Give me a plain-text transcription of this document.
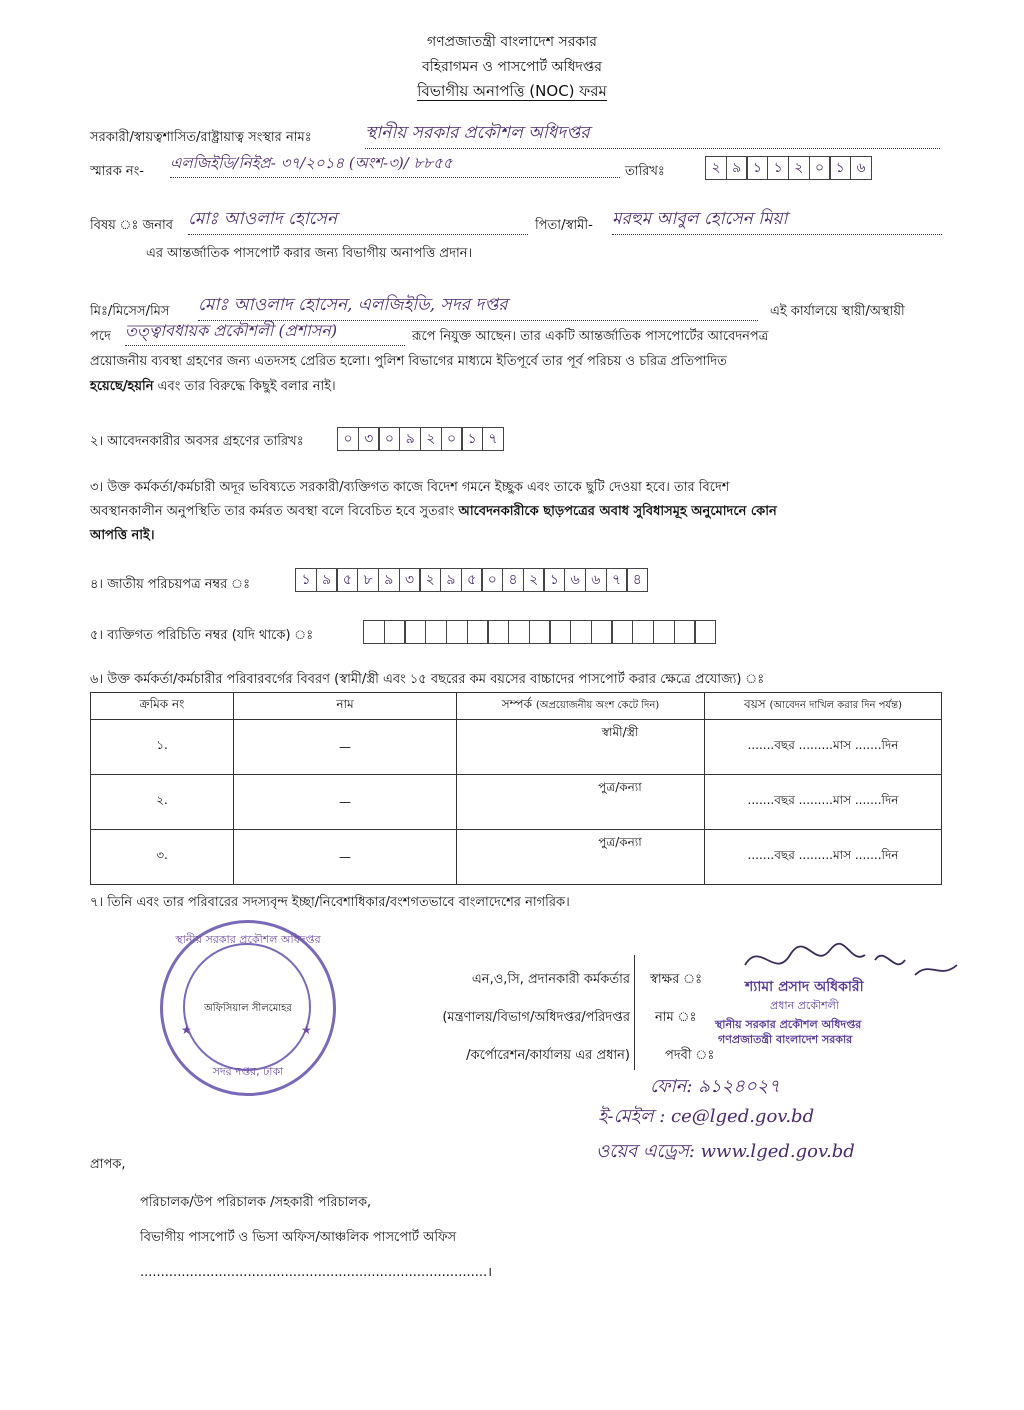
গণপ্রজাতন্ত্রী বাংলাদেশ সরকার
বহিরাগমন ও পাসপোর্ট অধিদপ্তর
বিভাগীয় অনাপত্তি (NOC) ফরম
সরকারী/স্বায়ত্বশাসিত/রাষ্ট্রায়াত্ব সংস্থার নামঃ	স্থানীয় সরকার প্রকৌশল অধিদপ্তর
স্মারক নং- এলজিইডি/নিইপ্র- ৩৭/২০১৪ (অংশ-৩)/ ৮৮৫৫	তারিখঃ	২ ৯ ১ ১ ২ ০ ১ ৬
বিষয় ঃ জনাব মোঃ আওলাদ হোসেন	পিতা/স্বামী- মরহুম আবুল হোসেন মিয়া
এর আন্তর্জাতিক পাসপোর্ট করার জন্য বিভাগীয় অনাপত্তি প্রদান।
মিঃ/মিসেস/মিস মোঃ আওলাদ হোসেন, এলজিইডি, সদর দপ্তর	এই কার্যালয়ে স্থায়ী/অস্থায়ী
পদে তত্ত্বাবধায়ক প্রকৌশলী (প্রশাসন)	রূপে নিযুক্ত আছেন। তার একটি আন্তর্জাতিক পাসপোর্টের আবেদনপত্র
প্রয়োজনীয় ব্যবস্থা গ্রহণের জন্য এতদসহ প্রেরিত হলো। পুলিশ বিভাগের মাধ্যমে ইতিপূর্বে তার পূর্ব পরিচয় ও চরিত্র প্রতিপাদিত
হয়েছে/হয়নি এবং তার বিরুদ্ধে কিছুই বলার নাই।
২। আবেদনকারীর অবসর গ্রহণের তারিখঃ	০ ৩ ০ ৯ ২ ০ ১ ৭
৩। উক্ত কর্মকর্তা/কর্মচারী অদূর ভবিষ্যতে সরকারী/ব্যক্তিগত কাজে বিদেশ গমনে ইচ্ছুক এবং তাকে ছুটি দেওয়া হবে। তার বিদেশ
অবস্থানকালীন অনুপস্থিতি তার কর্মরত অবস্থা বলে বিবেচিত হবে সুতরাং আবেদনকারীকে ছাড়পত্রের অবাধ সুবিধাসমূহ অনুমোদনে কোন
আপত্তি নাই।
৪। জাতীয় পরিচয়পত্র নম্বর ঃ	১ ৯ ৫ ৮ ৯ ৩ ২ ৯ ৫ ০ ৪ ২ ১ ৬ ৬ ৭ ৪
৫। ব্যক্তিগত পরিচিতি নম্বর (যদি থাকে) ঃ
৬। উক্ত কর্মকর্তা/কর্মচারীর পরিবারবর্গের বিবরণ (স্বামী/স্ত্রী এবং ১৫ বছরের কম বয়সের বাচ্চাদের পাসপোর্ট করার ক্ষেত্রে প্রযোজ্য) ঃ
ক্রমিক নং	নাম	সম্পর্ক (অপ্রয়োজনীয় অংশ কেটে দিন)	বয়স (আবেদন দাখিল করার দিন পর্যন্ত)
১.	—	স্বামী/স্ত্রী	.......বছর .........মাস .......দিন
২.	—	পুত্র/কন্যা	.......বছর .........মাস .......দিন
৩.	—	পুত্র/কন্যা	.......বছর .........মাস .......দিন
৭। তিনি এবং তার পরিবারের সদস্যবৃন্দ ইচ্ছা/নিবেশাধিকার/বংশগতভাবে বাংলাদেশের নাগরিক।
স্থানীয় সরকার প্রকৌশল অধিদপ্তর
অফিসিয়াল সীলমোহর
সদর দপ্তর, ঢাকা
★	★
এন,ও,সি, প্রদানকারী কর্মকর্তার
(মন্ত্রণালয়/বিভাগ/অধিদপ্তর/পরিদপ্তর
/কর্পোরেশন/কার্যালয় এর প্রধান)
স্বাক্ষর ঃ
নাম ঃ
পদবী ঃ
শ্যামা প্রসাদ অধিকারী
প্রধান প্রকৌশলী
স্থানীয় সরকার প্রকৌশল অধিদপ্তর
গণপ্রজাতন্ত্রী বাংলাদেশ সরকার
ফোন: ৯১২৪০২৭
ই-মেইল : ce@lged.gov.bd
ওয়েব এড্রেস: www.lged.gov.bd
প্রাপক,
পরিচালক/উপ পরিচালক /সহকারী পরিচালক,
বিভাগীয় পাসপোর্ট ও ভিসা অফিস/আঞ্চলিক পাসপোর্ট অফিস
....................................................................................।
